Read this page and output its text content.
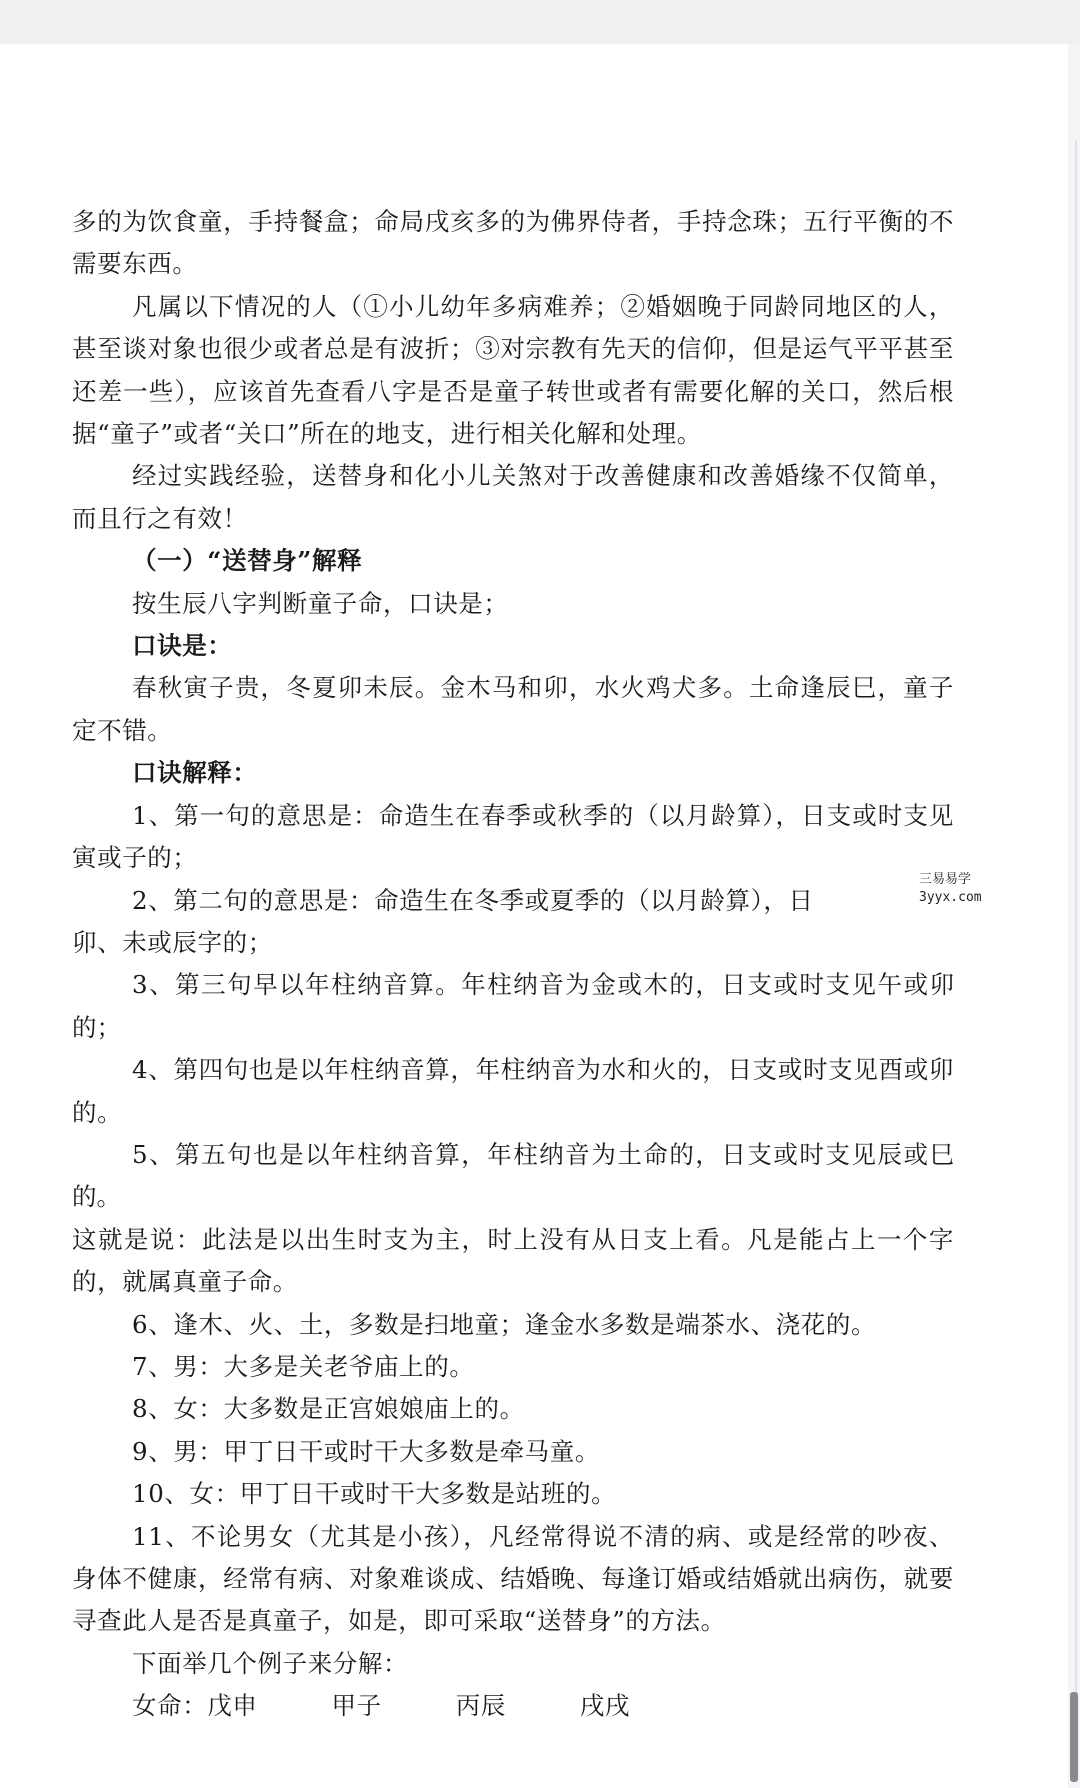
多的为饮食童，手持餐盒；命局戌亥多的为佛界侍者，手持念珠；五行平衡的不需要东西。

凡属以下情况的人（①小儿幼年多病难养；②婚姻晚于同龄同地区的人，甚至谈对象也很少或者总是有波折；③对宗教有先天的信仰，但是运气平平甚至还差一些），应该首先查看八字是否是童子转世或者有需要化解的关口，然后根据“童子”或者“关口”所在的地支，进行相关化解和处理。

经过实践经验，送替身和化小儿关煞对于改善健康和改善婚缘不仅简单，而且行之有效！

（一）“送替身”解释

按生辰八字判断童子命，口诀是；

口诀是：

春秋寅子贵，冬夏卯未辰。金木马和卯，水火鸡犬多。土命逢辰巳，童子定不错。

口诀解释：

1、第一句的意思是：命造生在春季或秋季的（以月龄算），日支或时支见寅或子的；

2、第二句的意思是：命造生在冬季或夏季的（以月龄算），日

卯、未或辰字的；

3、第三句早以年柱纳音算。年柱纳音为金或木的，日支或时支见午或卯的；

4、第四句也是以年柱纳音算，年柱纳音为水和火的，日支或时支见酉或卯的。

5、第五句也是以年柱纳音算，年柱纳音为土命的，日支或时支见辰或巳的。

这就是说：此法是以出生时支为主，时上没有从日支上看。凡是能占上一个字的，就属真童子命。

6、逢木、火、土，多数是扫地童；逢金水多数是端茶水、浇花的。

7、男：大多是关老爷庙上的。

8、女：大多数是正宫娘娘庙上的。

9、男：甲丁日干或时干大多数是牵马童。

10、女：甲丁日干或时干大多数是站班的。

11、不论男女（尤其是小孩），凡经常得说不清的病、或是经常的吵夜、身体不健康，经常有病、对象难谈成、结婚晚、每逢订婚或结婚就出病伤，就要寻查此人是否是真童子，如是，即可采取“送替身”的方法。

下面举几个例子来分解：

女命：戊申	甲子	丙辰	戌戌

三易易学
3yyx.com
